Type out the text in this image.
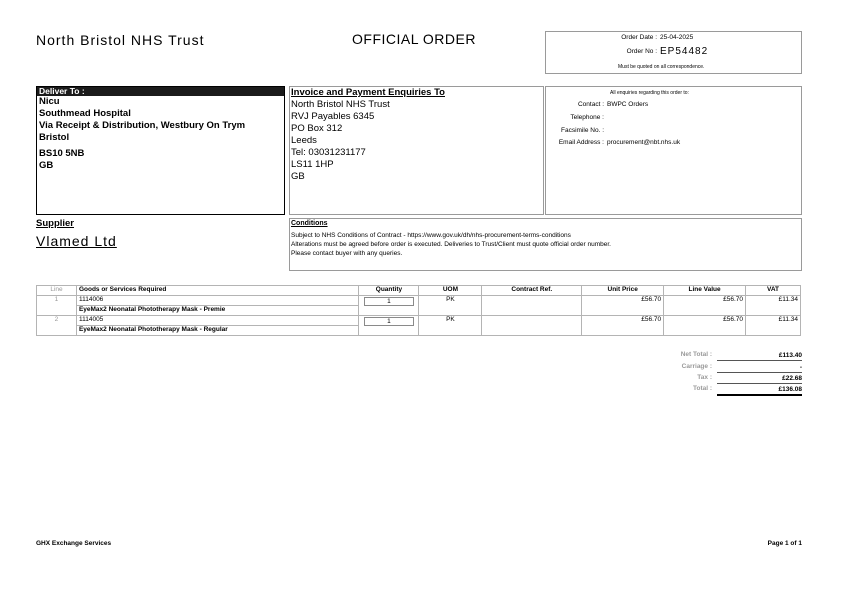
North Bristol NHS Trust	OFFICIAL ORDER	Order Date : 25-04-2025
Order No : EP54482
Must be quoted on all correspondence.
Deliver To :
Nicu
Southmead Hospital
Via Receipt & Distribution, Westbury On Trym
Bristol
BS10 5NB
GB
Invoice and Payment Enquiries To
North Bristol NHS Trust
RVJ Payables 6345
PO Box 312
Leeds
Tel: 03031231177
LS11 1HP
GB
All enquiries regarding this order to:
Contact : BWPC Orders
Telephone :
Facsimile No. :
Email Address : procurement@nbt.nhs.uk
Supplier
Vlamed Ltd
Conditions
Subject to NHS Conditions of Contract - https://www.gov.uk/dh/nhs-procurement-terms-conditions
Alterations must be agreed before order is executed. Deliveries to Trust/Client must quote official order number.
Please contact buyer with any queries.
Line	Goods or Services Required	Quantity	UOM	Contract Ref.	Unit Price	Line Value	VAT
1	1114006	1	PK		£56.70	£56.70	£11.34
	EyeMax2 Neonatal Phototherapy Mask - Premie						
2	1114005	1	PK		£56.70	£56.70	£11.34
	EyeMax2 Neonatal Phototherapy Mask - Regular						
Net Total :	£113.40
Carriage :	-
Tax :	£22.68
Total :	£136.08
GHX Exchange Services	Page 1 of 1
